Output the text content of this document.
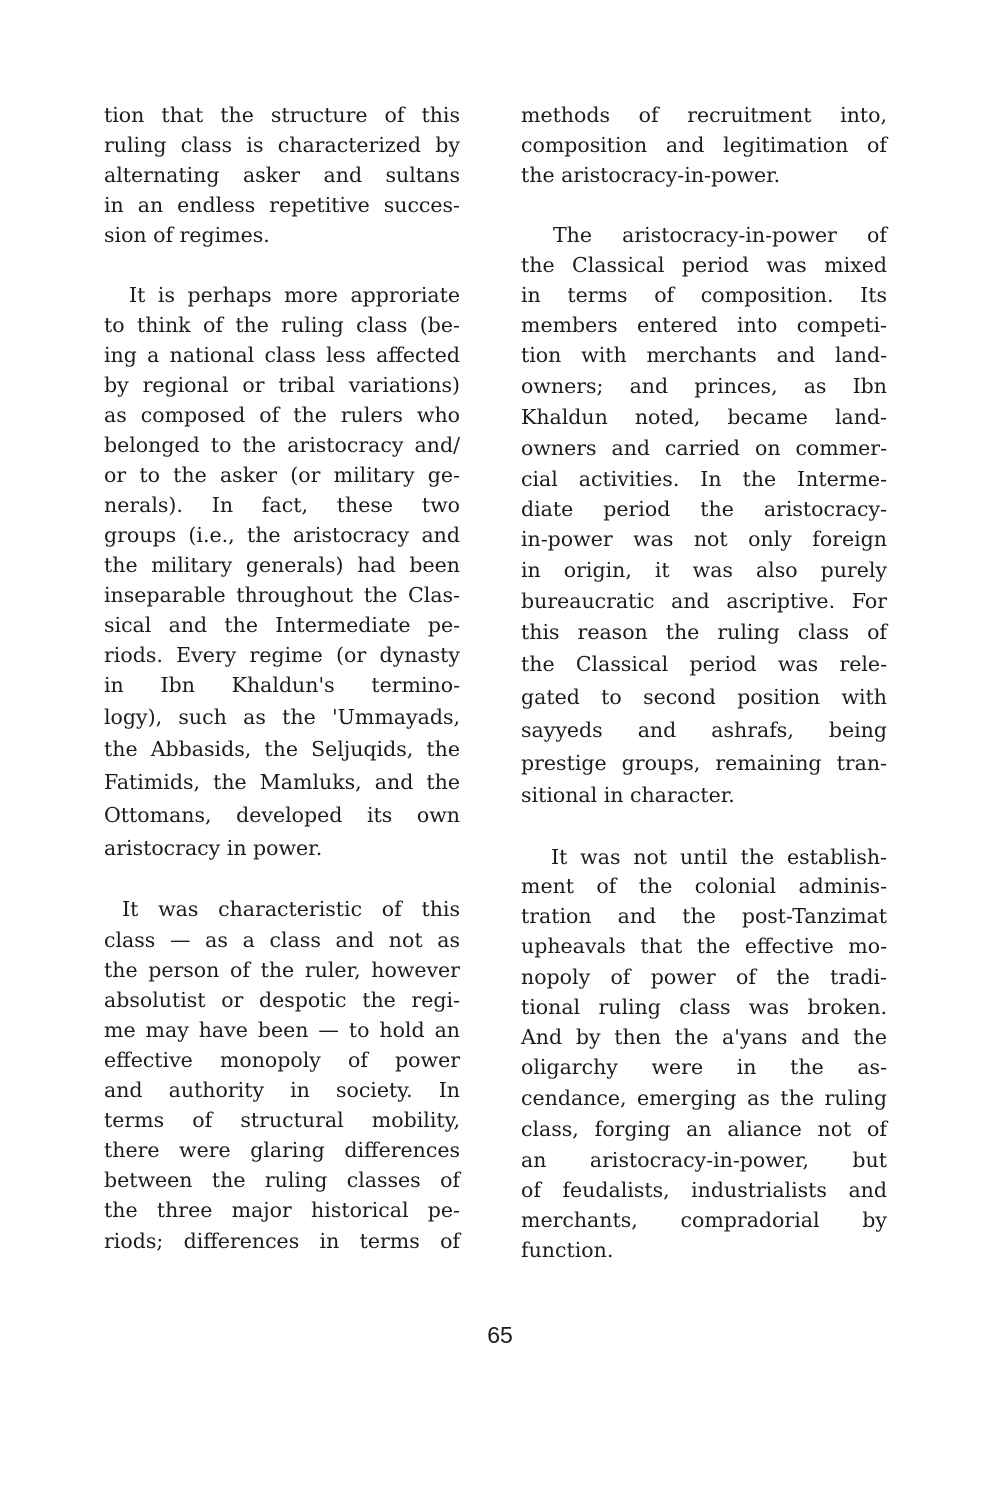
tion that the structure of this
ruling class is characterized by
alternating asker and sultans
in an endless repetitive succes-
sion of regimes.
It is perhaps more approriate
to think of the ruling class (be-
ing a national class less affected
by regional or tribal variations)
as composed of the rulers who
belonged to the aristocracy and/
or to the asker (or military ge-
nerals). In fact, these two
groups (i.e., the aristocracy and
the military generals) had been
inseparable throughout the Clas-
sical and the Intermediate pe-
riods. Every regime (or dynasty
in Ibn Khaldun's termino-
logy), such as the 'Ummayads,
the Abbasids, the Seljuqids, the
Fatimids, the Mamluks, and the
Ottomans, developed its own
aristocracy in power.
It was characteristic of this
class — as a class and not as
the person of the ruler, however
absolutist or despotic the regi-
me may have been — to hold an
effective monopoly of power
and authority in society. In
terms of structural mobility,
there were glaring differences
between the ruling classes of
the three major historical pe-
riods; differences in terms of
methods of recruitment into,
composition and legitimation of
the aristocracy-in-power.
The aristocracy-in-power of
the Classical period was mixed
in terms of composition. Its
members entered into competi-
tion with merchants and land-
owners; and princes, as Ibn
Khaldun noted, became land-
owners and carried on commer-
cial activities. In the Interme-
diate period the aristocracy-
in-power was not only foreign
in origin, it was also purely
bureaucratic and ascriptive. For
this reason the ruling class of
the Classical period was rele-
gated to second position with
sayyeds and ashrafs, being
prestige groups, remaining tran-
sitional in character.
It was not until the establish-
ment of the colonial adminis-
tration and the post-Tanzimat
upheavals that the effective mo-
nopoly of power of the tradi-
tional ruling class was broken.
And by then the a'yans and the
oligarchy were in the as-
cendance, emerging as the ruling
class, forging an aliance not of
an aristocracy-in-power, but
of feudalists, industrialists and
merchants, compradorial by
function.
65
